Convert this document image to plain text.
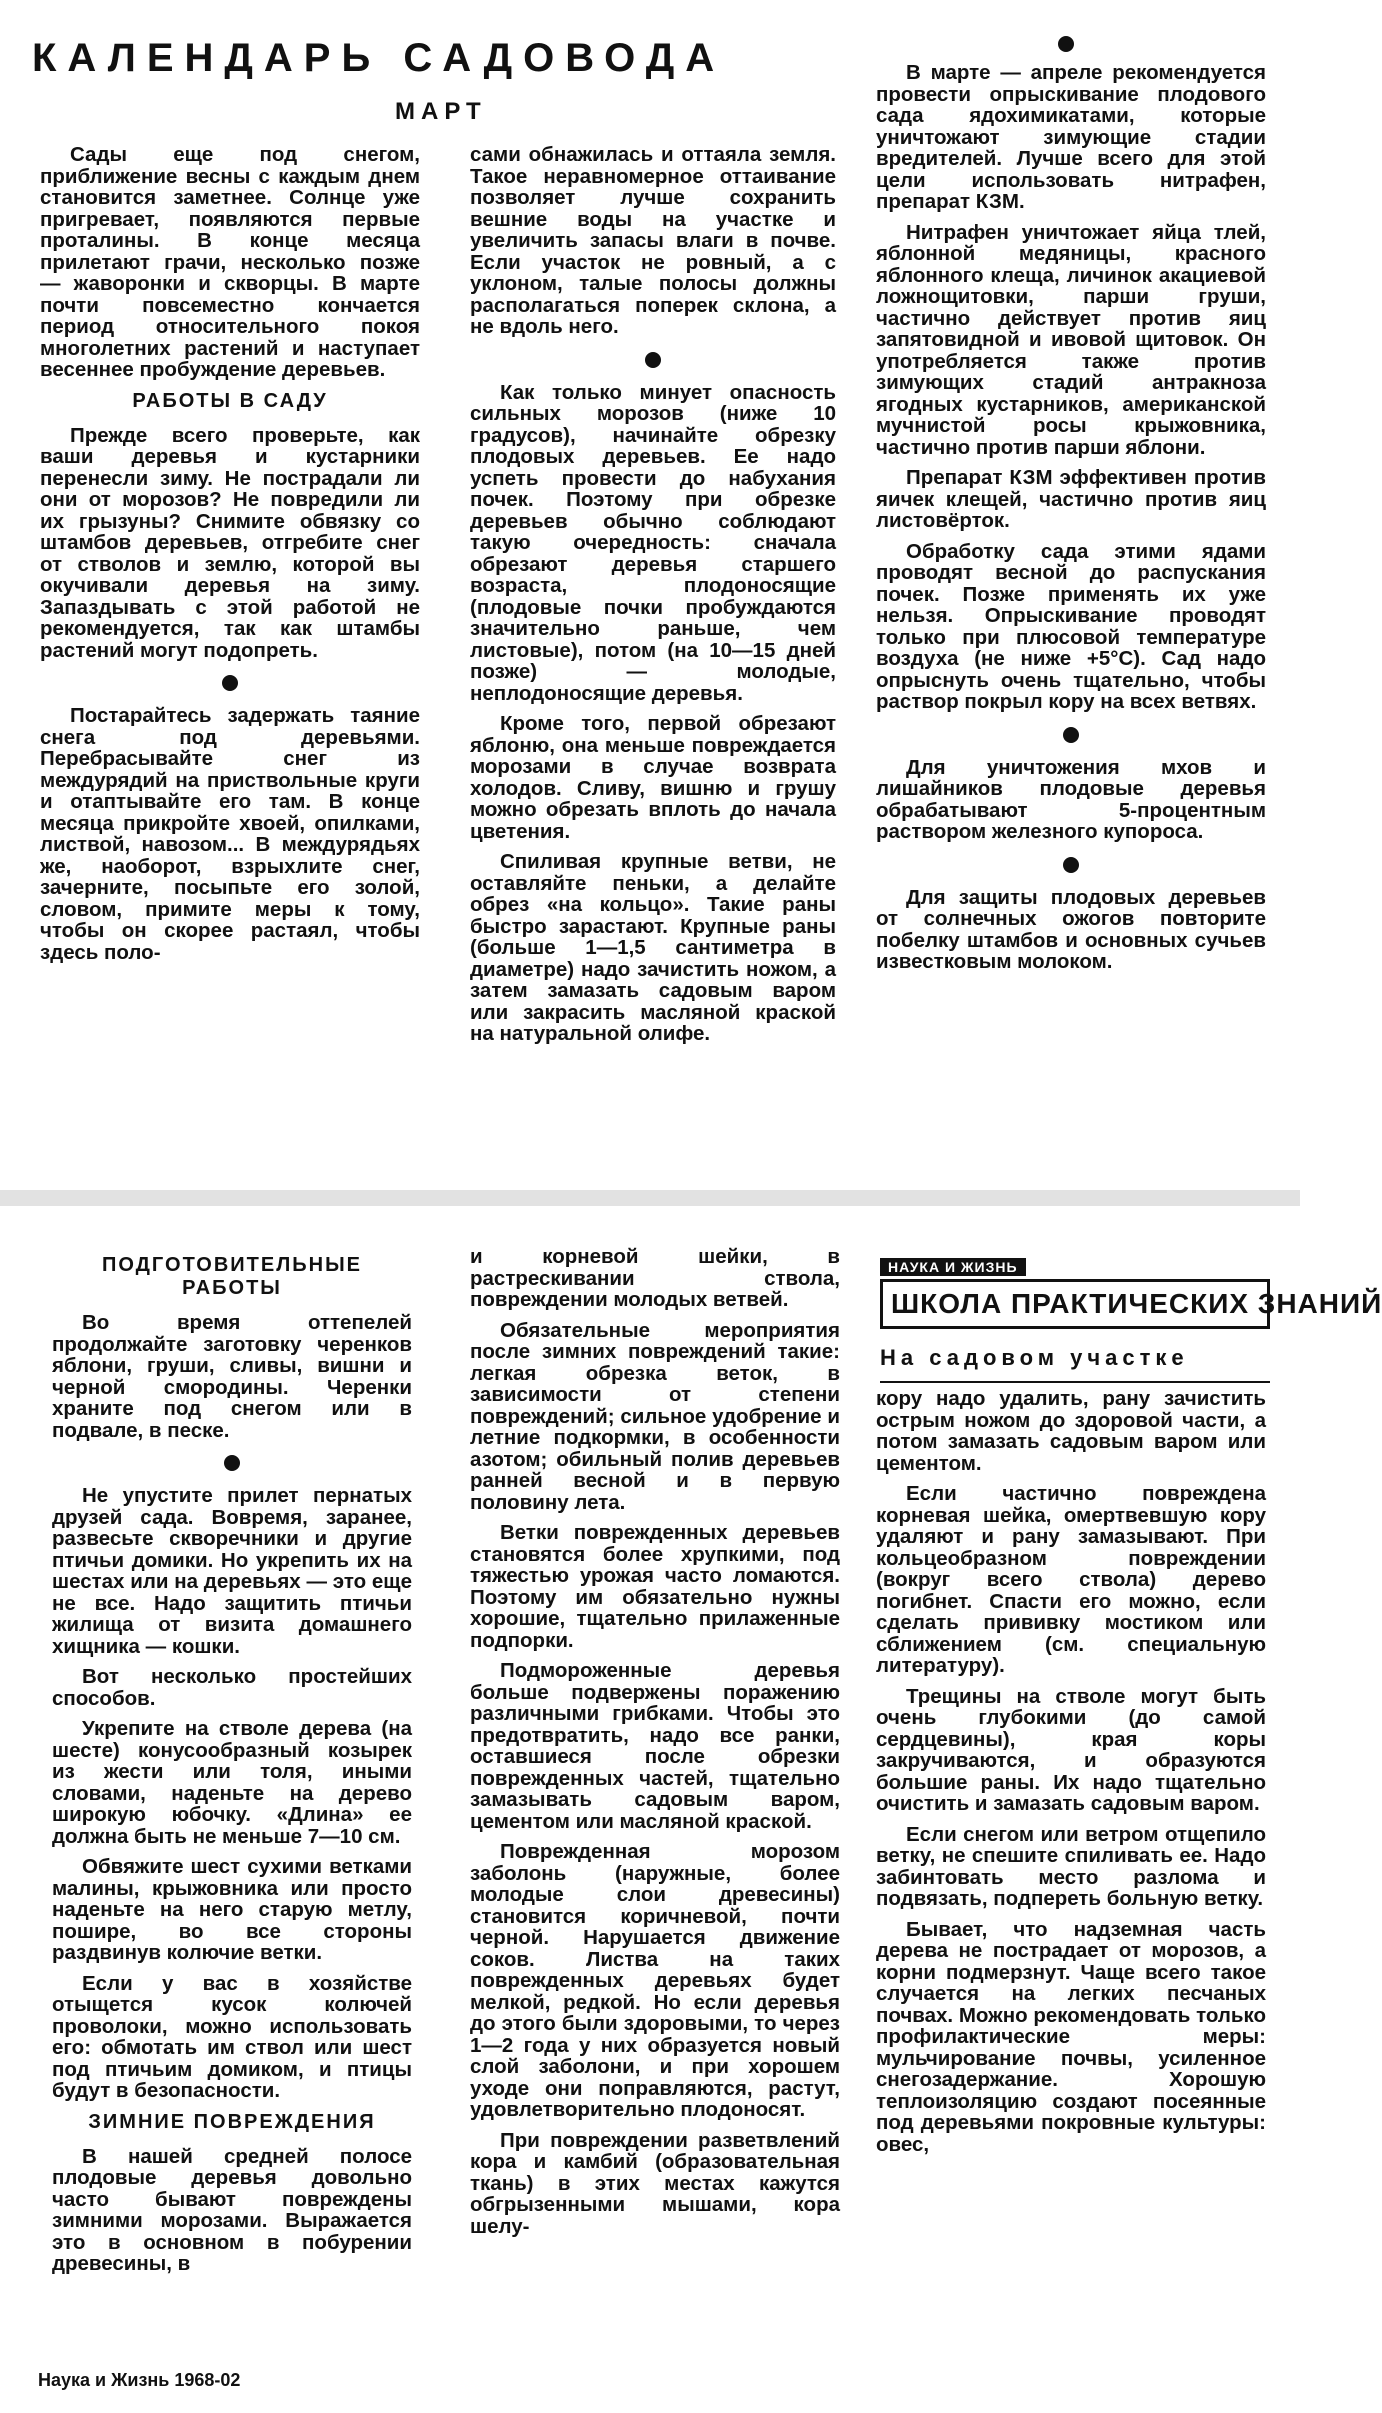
КАЛЕНДАРЬ САДОВОДА
МАРТ

Сады еще под снегом, приближение весны с каждым днем становится заметнее. Солнце уже пригревает, появляются первые проталины. В конце месяца прилетают грачи, несколько позже — жаворонки и скворцы. В марте почти повсеместно кончается период относительного покоя многолетних растений и наступает весеннее пробуждение деревьев.

РАБОТЫ В САДУ

Прежде всего проверьте, как ваши деревья и кустарники перенесли зиму. Не пострадали ли они от морозов? Не повредили ли их грызуны? Снимите обвязку со штамбов деревьев, отгребите снег от стволов и землю, которой вы окучивали деревья на зиму. Запаздывать с этой работой не рекомендуется, так как штамбы растений могут подопреть.

Постарайтесь задержать таяние снега под деревьями. Перебрасывайте снег из междурядий на приствольные круги и отаптывайте его там. В конце месяца прикройте хвоей, опилками, листвой, навозом... В междурядьях же, наоборот, взрыхлите снег, зачерните, посыпьте его золой, словом, примите меры к тому, чтобы он скорее растаял, чтобы здесь поло-

сами обнажилась и оттаяла земля. Такое неравномерное оттаивание позволяет лучше сохранить вешние воды на участке и увеличить запасы влаги в почве. Если участок не ровный, а с уклоном, талые полосы должны располагаться поперек склона, а не вдоль него.

Как только минует опасность сильных морозов (ниже 10 градусов), начинайте обрезку плодовых деревьев. Ее надо успеть провести до набухания почек. Поэтому при обрезке деревьев обычно соблюдают такую очередность: сначала обрезают деревья старшего возраста, плодоносящие (плодовые почки пробуждаются значительно раньше, чем листовые), потом (на 10—15 дней позже) — молодые, неплодоносящие деревья.

Кроме того, первой обрезают яблоню, она меньше повреждается морозами в случае возврата холодов. Сливу, вишню и грушу можно обрезать вплоть до начала цветения.

Спиливая крупные ветви, не оставляйте пеньки, а делайте обрез «на кольцо». Такие раны быстро зарастают. Крупные раны (больше 1—1,5 сантиметра в диаметре) надо зачистить ножом, а затем замазать садовым варом или закрасить масляной краской на натуральной олифе.

В марте — апреле рекомендуется провести опрыскивание плодового сада ядохимикатами, которые уничтожают зимующие стадии вредителей. Лучше всего для этой цели использовать нитрафен, препарат КЗМ.

Нитрафен уничтожает яйца тлей, яблонной медяницы, красного яблонного клеща, личинок акациевой ложнощитовки, парши груши, частично действует против яиц запятовидной и ивовой щитовок. Он употребляется также против зимующих стадий антракноза ягодных кустарников, американской мучнистой росы крыжовника, частично против парши яблони.

Препарат КЗМ эффективен против яичек клещей, частично против яиц листовёрток.

Обработку сада этими ядами проводят весной до распускания почек. Позже применять их уже нельзя. Опрыскивание проводят только при плюсовой температуре воздуха (не ниже +5°С). Сад надо опрыснуть очень тщательно, чтобы раствор покрыл кору на всех ветвях.

Для уничтожения мхов и лишайников плодовые деревья обрабатывают 5-процентным раствором железного купороса.

Для защиты плодовых деревьев от солнечных ожогов повторите побелку штамбов и основных сучьев известковым молоком.

ПОДГОТОВИТЕЛЬНЫЕ РАБОТЫ

Во время оттепелей продолжайте заготовку черенков яблони, груши, сливы, вишни и черной смородины. Черенки храните под снегом или в подвале, в песке.

Не упустите прилет пернатых друзей сада. Вовремя, заранее, развесьте скворечники и другие птичьи домики. Но укрепить их на шестах или на деревьях — это еще не все. Надо защитить птичьи жилища от визита домашнего хищника — кошки.

Вот несколько простейших способов.

Укрепите на стволе дерева (на шесте) конусообразный козырек из жести или толя, иными словами, наденьте на дерево широкую юбочку. «Длина» ее должна быть не меньше 7—10 см.

Обвяжите шест сухими ветками малины, крыжовника или просто наденьте на него старую метлу, пошире, во все стороны раздвинув колючие ветки.

Если у вас в хозяйстве отыщется кусок колючей проволоки, можно использовать его: обмотать им ствол или шест под птичьим домиком, и птицы будут в безопасности.

ЗИМНИЕ ПОВРЕЖДЕНИЯ

В нашей средней полосе плодовые деревья довольно часто бывают повреждены зимними морозами. Выражается это в основном в побурении древесины, в

и корневой шейки, в растрескивании ствола, повреждении молодых ветвей.

Обязательные мероприятия после зимних повреждений такие: легкая обрезка веток, в зависимости от степени повреждений; сильное удобрение и летние подкормки, в особенности азотом; обильный полив деревьев ранней весной и в первую половину лета.

Ветки поврежденных деревьев становятся более хрупкими, под тяжестью урожая часто ломаются. Поэтому им обязательно нужны хорошие, тщательно прилаженные подпорки.

Подмороженные деревья больше подвержены поражению различными грибками. Чтобы это предотвратить, надо все ранки, оставшиеся после обрезки поврежденных частей, тщательно замазывать садовым варом, цементом или масляной краской.

Поврежденная морозом заболонь (наружные, более молодые слои древесины) становится коричневой, почти черной. Нарушается движение соков. Листва на таких поврежденных деревьях будет мелкой, редкой. Но если деревья до этого были здоровыми, то через 1—2 года у них образуется новый слой заболони, и при хорошем уходе они поправляются, растут, удовлетворительно плодоносят.

При повреждении разветвлений кора и камбий (образовательная ткань) в этих местах кажутся обгрызенными мышами, кора шелу-

НАУКА И ЖИЗНЬ
ШКОЛА ПРАКТИЧЕСКИХ ЗНАНИЙ
На садовом участке

кору надо удалить, рану зачистить острым ножом до здоровой части, а потом замазать садовым варом или цементом.

Если частично повреждена корневая шейка, омертвевшую кору удаляют и рану замазывают. При кольцеобразном повреждении (вокруг всего ствола) дерево погибнет. Спасти его можно, если сделать прививку мостиком или сближением (см. специальную литературу).

Трещины на стволе могут быть очень глубокими (до самой сердцевины), края коры закручиваются, и образуются большие раны. Их надо тщательно очистить и замазать садовым варом.

Если снегом или ветром отщепило ветку, не спешите спиливать ее. Надо забинтовать место разлома и подвязать, подпереть больную ветку.

Бывает, что надземная часть дерева не пострадает от морозов, а корни подмерзнут. Чаще всего такое случается на легких песчаных почвах. Можно рекомендовать только профилактические меры: мульчирование почвы, усиленное снегозадержание. Хорошую теплоизоляцию создают посеянные под деревьями покровные культуры: овес,

Наука и Жизнь 1968-02
